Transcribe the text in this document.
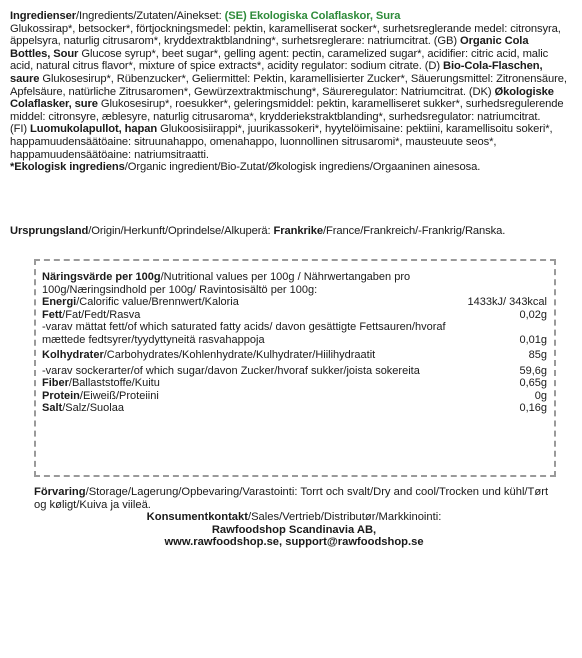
Ingredienser/Ingredients/Zutaten/Ainekset: (SE) Ekologiska Colaflaskor, Sura
Glukossirap*, betsocker*, förtjockningsmedel: pektin, karamelliserat socker*, surhetsreglerande medel: citronsyra, äppelsyra, naturlig citrusarom*, kryddextraktblandning*, surhetsreglerare: natriumcitrat. (GB) Organic Cola Bottles, Sour Glucose syrup*, beet sugar*, gelling agent: pectin, caramelized sugar*, acidifier: citric acid, malic acid, natural citrus flavor*, mixture of spice extracts*, acidity regulator: sodium citrate. (D) Bio-Cola-Flaschen, saure Glukosesirup*, Rübenzucker*, Geliermittel: Pektin, karamellisierter Zucker*, Säuerungsmittel: Zitronensäure, Apfelsäure, natürliche Zitrusaromen*, Gewürzextraktmischung*, Säureregulator: Natriumcitrat. (DK) Økologiske Colaflasker, sure Glukosesirup*, roesukker*, geleringsmiddel: pektin, karamelliseret sukker*, surhedsregulerende middel: citronsyre, æblesyre, naturlig citrusaroma*, krydderiekstraktblanding*, surhedsregulator: natriumcitrat.
(FI) Luomukolapullot, hapan Glukoosisiirappi*, juurikassokeri*, hyytelöimisaine: pektiini, karamellisoitu sokeri*, happamuudensäätöaine: sitruunahappo, omenahappo, luonnollinen sitrusaromi*, mausteuute seos*, happamuudensäätöaine: natriumsitraatti.
*Ekologisk ingrediens/Organic ingredient/Bio-Zutat/Økologisk ingrediens/Orgaaninen ainesosa.
Ursprungsland/Origin/Herkunft/Oprindelse/Alkuperä: Frankrike/France/Frankreich/-Frankrig/Ranska.
Näringsvärde per 100g/Nutritional values per 100g / Nährwertangaben pro 100g/Næringsindhold per 100g/ Ravintosisältö per 100g:
Energi/Calorific value/Brennwert/Kaloria	1433kJ/ 343kcal
Fett/Fat/Fedt/Rasva	0,02g
-varav mättat fett/of which saturated fatty acids/ davon gesättigte Fettsauren/hvoraf mættede fedtsyrer/tyydyttyneitä rasvahappoja	0,01g
Kolhydrater/Carbohydrates/Kohlenhydrate/Kulhydrater/Hiilihydraatit	85g
-varav sockerarter/of which sugar/davon Zucker/hvoraf sukker/joista sokereita	59,6g
Fiber/Ballaststoffe/Kuitu	0,65g
Protein/Eiweiß/Proteiini	0g
Salt/Salz/Suolaa	0,16g
Förvaring/Storage/Lagerung/Opbevaring/Varastointi: Torrt och svalt/Dry and cool/Trocken und kühl/Tørt og køligt/Kuiva ja viileä.
Konsumentkontakt/Sales/Vertrieb/Distributør/Markkinointi:
Rawfoodshop Scandinavia AB,
www.rawfoodshop.se, support@rawfoodshop.se
